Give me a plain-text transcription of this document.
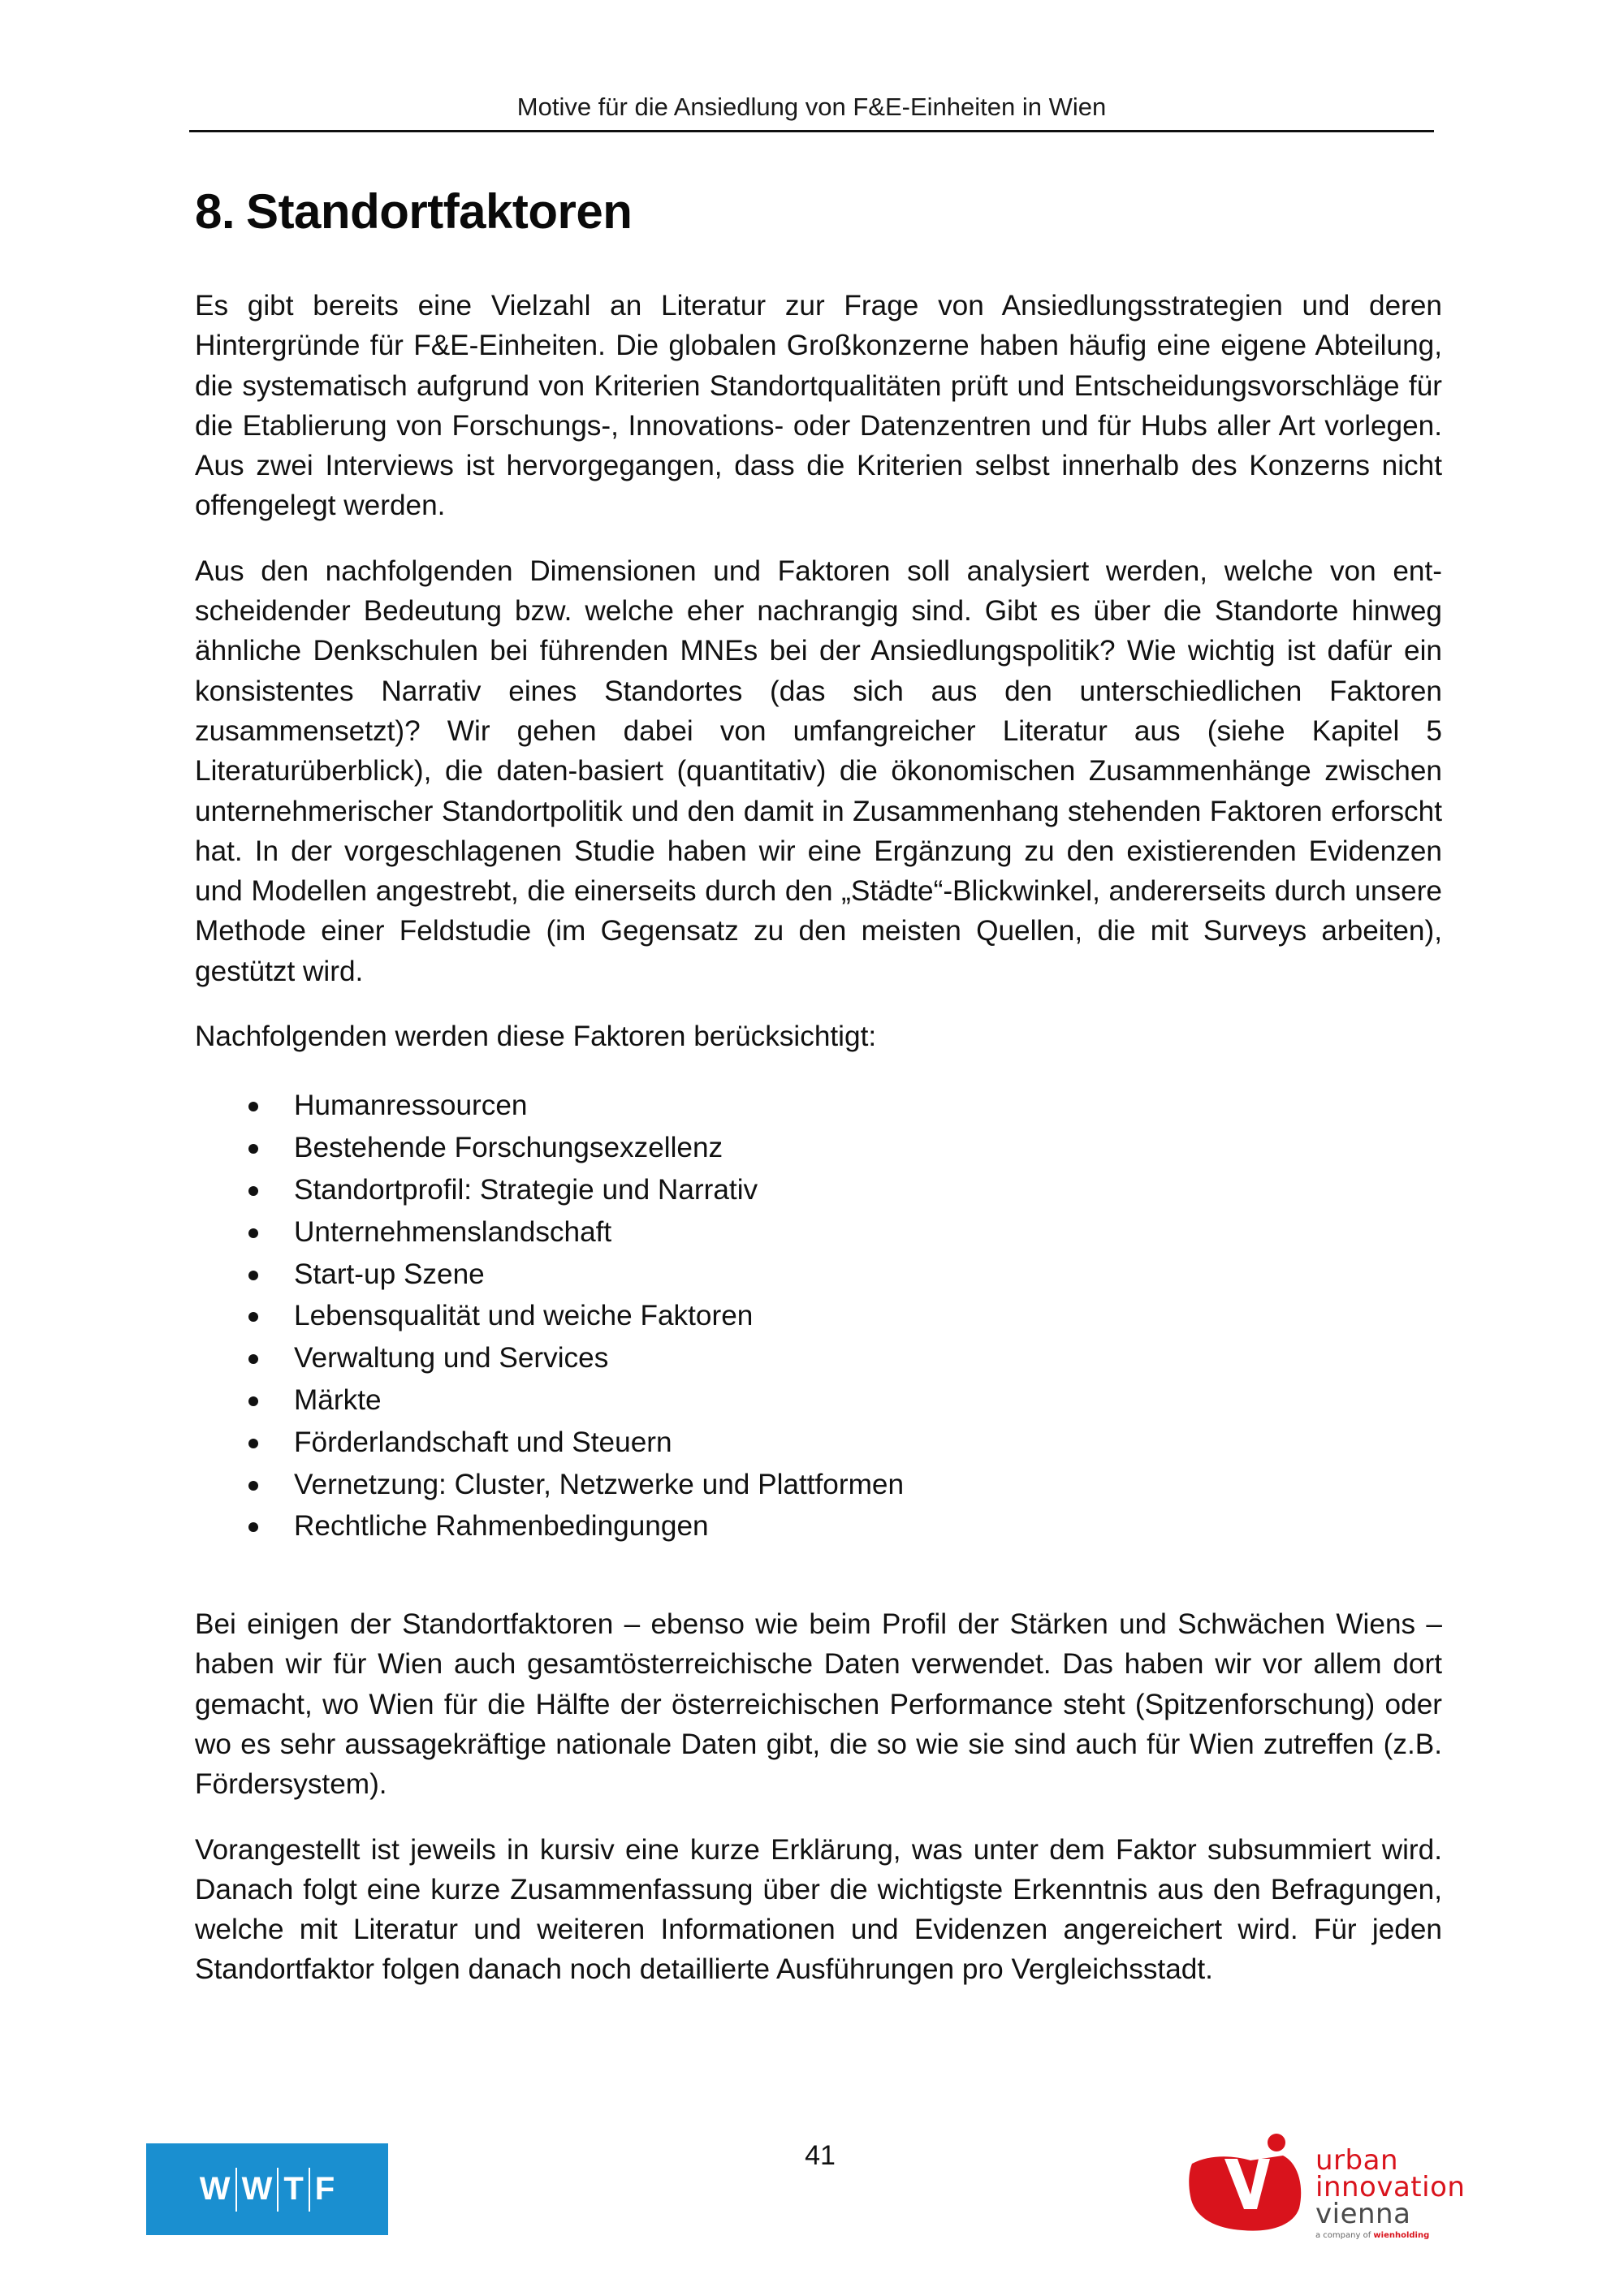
Motive für die Ansiedlung von F&E-Einheiten in Wien
8. Standortfaktoren

Es gibt bereits eine Vielzahl an Literatur zur Frage von Ansiedlungsstrategien und deren Hintergründe für F&E-Einheiten. Die globalen Großkonzerne haben häufig eine eigene Abteilung, die systematisch aufgrund von Kriterien Standortqualitäten prüft und Entscheidungsvorschläge für die Etablierung von Forschungs-, Innovations- oder Datenzentren und für Hubs aller Art vorlegen. Aus zwei Interviews ist hervorgegangen, dass die Kriterien selbst innerhalb des Konzerns nicht offengelegt werden.

Aus den nachfolgenden Dimensionen und Faktoren soll analysiert werden, welche von entscheidender Bedeutung bzw. welche eher nachrangig sind. Gibt es über die Standorte hinweg ähnliche Denkschulen bei führenden MNEs bei der Ansiedlungspolitik? Wie wichtig ist dafür ein konsistentes Narrativ eines Standortes (das sich aus den unterschiedlichen Faktoren zusammensetzt)? Wir gehen dabei von umfangreicher Literatur aus (siehe Kapitel 5 Literaturüberblick), die daten-basiert (quantitativ) die ökonomischen Zusammenhänge zwischen unternehmerischer Standortpolitik und den damit in Zusammenhang stehenden Faktoren erforscht hat. In der vorgeschlagenen Studie haben wir eine Ergänzung zu den existierenden Evidenzen und Modellen angestrebt, die einerseits durch den „Städte“-Blickwinkel, andererseits durch unsere Methode einer Feldstudie (im Gegensatz zu den meisten Quellen, die mit Surveys arbeiten), gestützt wird.

Nachfolgenden werden diese Faktoren berücksichtigt:

Humanressourcen
Bestehende Forschungsexzellenz
Standortprofil: Strategie und Narrativ
Unternehmenslandschaft
Start-up Szene
Lebensqualität und weiche Faktoren
Verwaltung und Services
Märkte
Förderlandschaft und Steuern
Vernetzung: Cluster, Netzwerke und Plattformen
Rechtliche Rahmenbedingungen

Bei einigen der Standortfaktoren – ebenso wie beim Profil der Stärken und Schwächen Wiens – haben wir für Wien auch gesamtösterreichische Daten verwendet. Das haben wir vor allem dort gemacht, wo Wien für die Hälfte der österreichischen Performance steht (Spitzenforschung) oder wo es sehr aussagekräftige nationale Daten gibt, die so wie sie sind auch für Wien zutreffen (z.B. Fördersystem).

Vorangestellt ist jeweils in kursiv eine kurze Erklärung, was unter dem Faktor subsummiert wird. Danach folgt eine kurze Zusammenfassung über die wichtigste Erkenntnis aus den Befragungen, welche mit Literatur und weiteren Informationen und Evidenzen angereichert wird. Für jeden Standortfaktor folgen danach noch detaillierte Ausführungen pro Vergleichsstadt.

41
W W T F
urban
innovation
vienna
a company of wienholding
